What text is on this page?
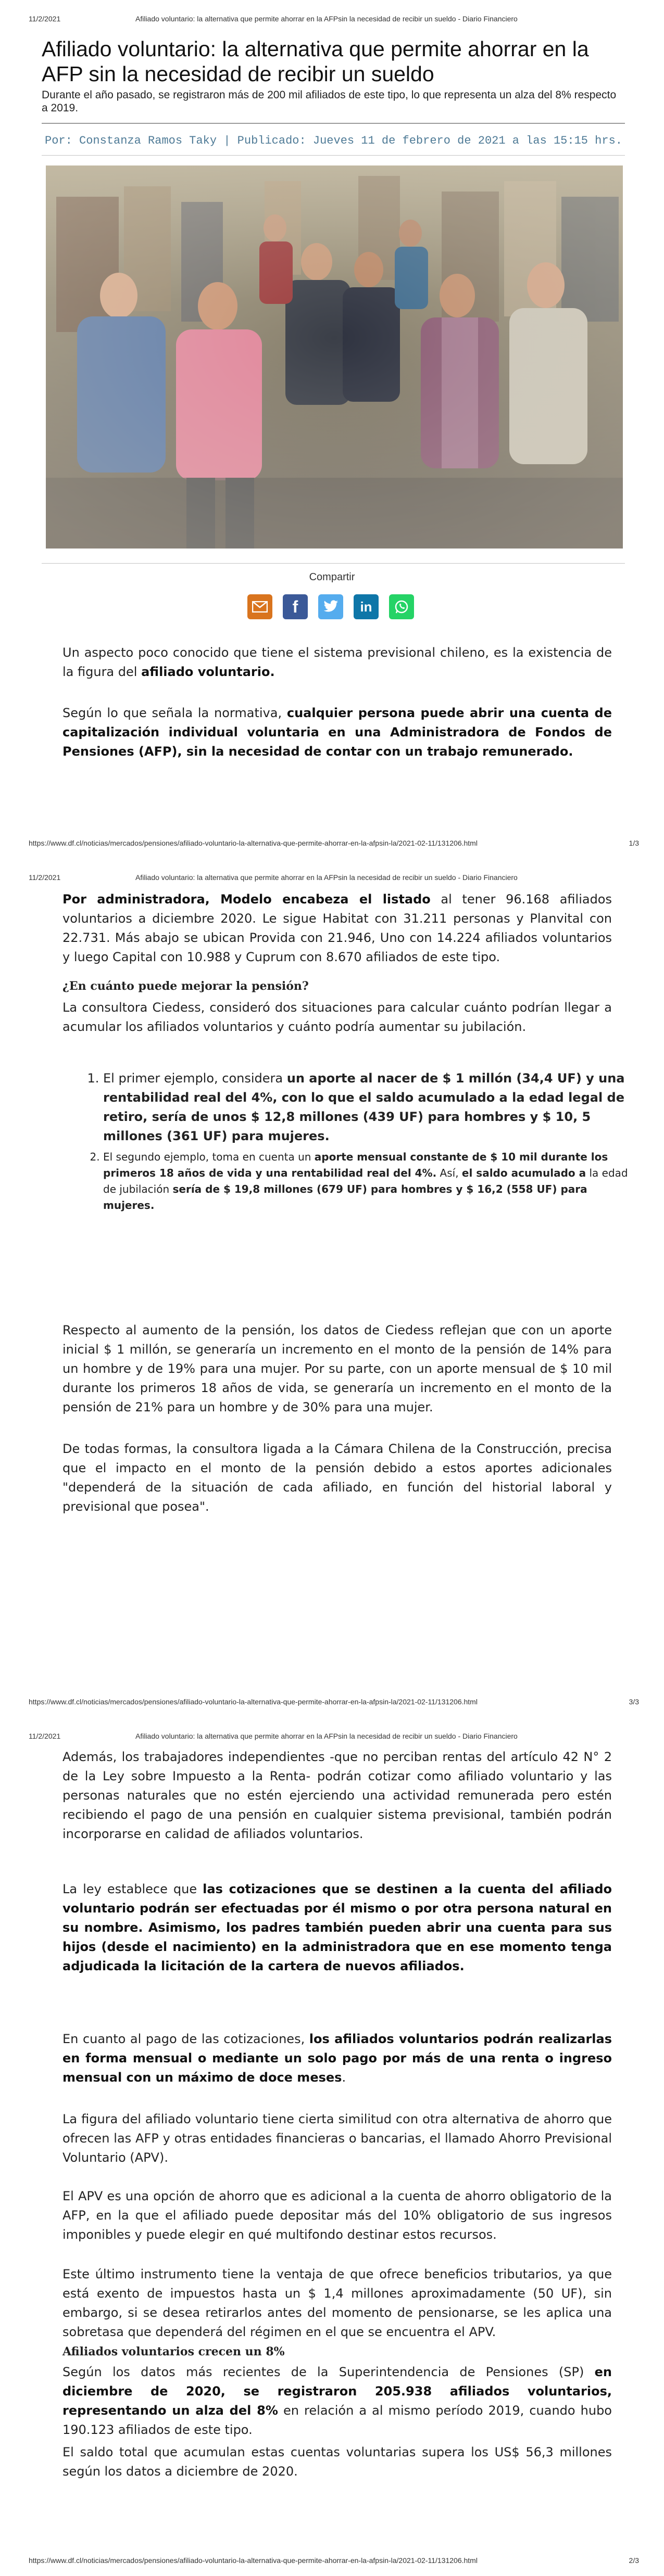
11/2/2021	Afiliado voluntario: la alternativa que permite ahorrar en la AFPsin la necesidad de recibir un sueldo - Diario Financiero
Afiliado voluntario: la alternativa que permite ahorrar en la AFP sin la necesidad de recibir un sueldo

Durante el año pasado, se registraron más de 200 mil afiliados de este tipo, lo que representa un alza del 8% respecto a 2019.

Por: Constanza Ramos Taky | Publicado: Jueves 11 de febrero de 2021 a las 15:15 hrs.
Compartir
f	in

Un aspecto poco conocido que tiene el sistema previsional chileno, es la existencia de la figura del afiliado voluntario.

Según lo que señala la normativa, cualquier persona puede abrir una cuenta de capitalización individual voluntaria en una Administradora de Fondos de Pensiones (AFP), sin la necesidad de contar con un trabajo remunerado.

https://www.df.cl/noticias/mercados/pensiones/afiliado-voluntario-la-alternativa-que-permite-ahorrar-en-la-afpsin-la/2021-02-11/131206.html	1/3
11/2/2021	Afiliado voluntario: la alternativa que permite ahorrar en la AFPsin la necesidad de recibir un sueldo - Diario Financiero

Por administradora, Modelo encabeza el listado al tener 96.168 afiliados voluntarios a diciembre 2020. Le sigue Habitat con 31.211 personas y Planvital con 22.731. Más abajo se ubican Provida con 21.946, Uno con 14.224 afiliados voluntarios y luego Capital con 10.988 y Cuprum con 8.670 afiliados de este tipo.

¿En cuánto puede mejorar la pensión?

La consultora Ciedess, consideró dos situaciones para calcular cuánto podrían llegar a acumular los afiliados voluntarios y cuánto podría aumentar su jubilación.

1. El primer ejemplo, considera un aporte al nacer de $ 1 millón (34,4 UF) y una rentabilidad real del 4%, con lo que el saldo acumulado a la edad legal de retiro, sería de unos $ 12,8 millones (439 UF) para hombres y $ 10, 5 millones (361 UF) para mujeres.
2. El segundo ejemplo, toma en cuenta un aporte mensual constante de $ 10 mil durante los primeros 18 años de vida y una rentabilidad real del 4%. Así, el saldo acumulado a la edad de jubilación sería de $ 19,8 millones (679 UF) para hombres y $ 16,2 (558 UF) para mujeres.

Respecto al aumento de la pensión, los datos de Ciedess reflejan que con un aporte inicial $ 1 millón, se generaría un incremento en el monto de la pensión de 14% para un hombre y de 19% para una mujer. Por su parte, con un aporte mensual de $ 10 mil durante los primeros 18 años de vida, se generaría un incremento en el monto de la pensión de 21% para un hombre y de 30% para una mujer.

De todas formas, la consultora ligada a la Cámara Chilena de la Construcción, precisa que el impacto en el monto de la pensión debido a estos aportes adicionales "dependerá de la situación de cada afiliado, en función del historial laboral y previsional que posea".

https://www.df.cl/noticias/mercados/pensiones/afiliado-voluntario-la-alternativa-que-permite-ahorrar-en-la-afpsin-la/2021-02-11/131206.html	3/3
11/2/2021	Afiliado voluntario: la alternativa que permite ahorrar en la AFPsin la necesidad de recibir un sueldo - Diario Financiero

Además, los trabajadores independientes -que no perciban rentas del artículo 42 N° 2 de la Ley sobre Impuesto a la Renta- podrán cotizar como afiliado voluntario y las personas naturales que no estén ejerciendo una actividad remunerada pero estén recibiendo el pago de una pensión en cualquier sistema previsional, también podrán incorporarse en calidad de afiliados voluntarios.

La ley establece que las cotizaciones que se destinen a la cuenta del afiliado voluntario podrán ser efectuadas por él mismo o por otra persona natural en su nombre. Asimismo, los padres también pueden abrir una cuenta para sus hijos (desde el nacimiento) en la administradora que en ese momento tenga adjudicada la licitación de la cartera de nuevos afiliados.

En cuanto al pago de las cotizaciones, los afiliados voluntarios podrán realizarlas en forma mensual o mediante un solo pago por más de una renta o ingreso mensual con un máximo de doce meses.

La figura del afiliado voluntario tiene cierta similitud con otra alternativa de ahorro que ofrecen las AFP y otras entidades financieras o bancarias, el llamado Ahorro Previsional Voluntario (APV).

El APV es una opción de ahorro que es adicional a la cuenta de ahorro obligatorio de la AFP, en la que el afiliado puede depositar más del 10% obligatorio de sus ingresos imponibles y puede elegir en qué multifondo destinar estos recursos.

Este último instrumento tiene la ventaja de que ofrece beneficios tributarios, ya que está exento de impuestos hasta un $ 1,4 millones aproximadamente (50 UF), sin embargo, si se desea retirarlos antes del momento de pensionarse, se les aplica una sobretasa que dependerá del régimen en el que se encuentra el APV.

Afiliados voluntarios crecen un 8%

Según los datos más recientes de la Superintendencia de Pensiones (SP) en diciembre de 2020, se registraron 205.938 afiliados voluntarios, representando un alza del 8% en relación a al mismo período 2019, cuando hubo 190.123 afiliados de este tipo.

El saldo total que acumulan estas cuentas voluntarias supera los US$ 56,3 millones según los datos a diciembre de 2020.

https://www.df.cl/noticias/mercados/pensiones/afiliado-voluntario-la-alternativa-que-permite-ahorrar-en-la-afpsin-la/2021-02-11/131206.html	2/3
